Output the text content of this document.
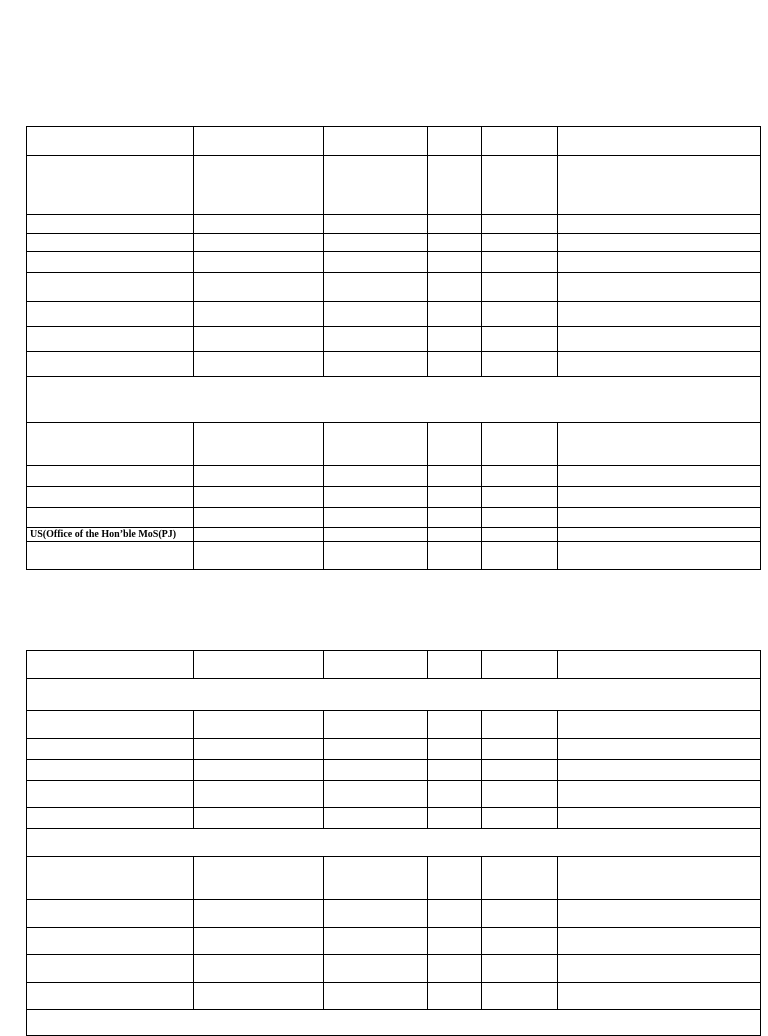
US(Office of the Hon’ble MoS(PJ)					
